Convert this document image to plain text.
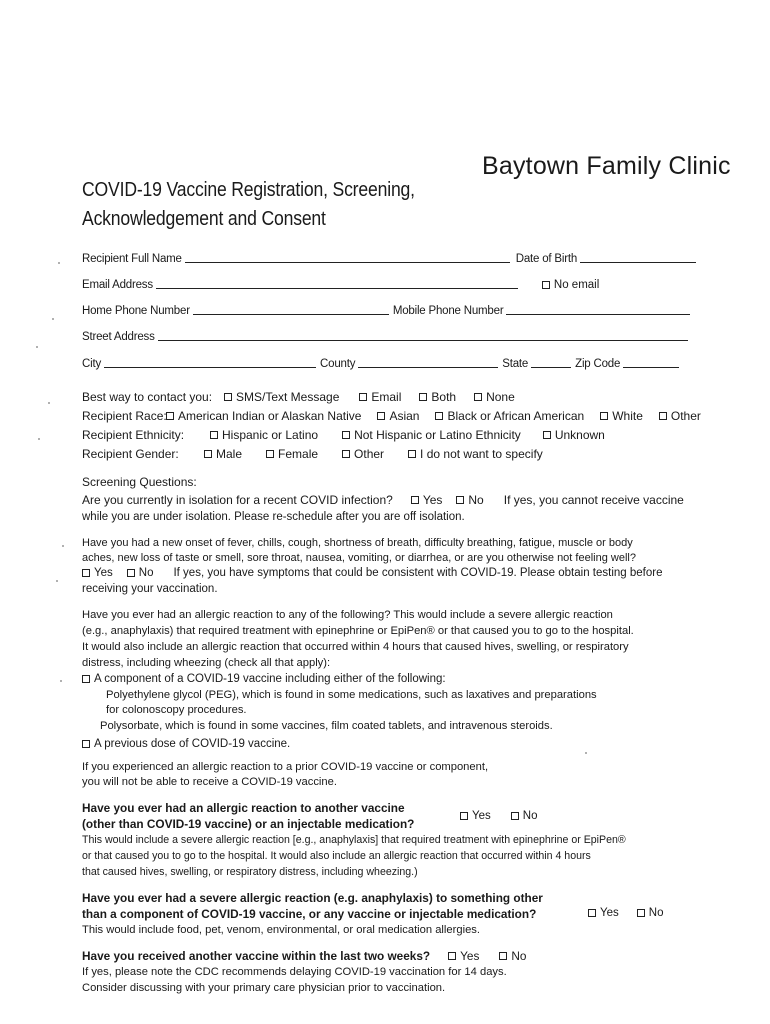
Baytown Family Clinic
COVID-19 Vaccine Registration, Screening,
Acknowledgement and Consent
Recipient Full Name	Date of Birth
Email Address	No email
Home Phone Number	Mobile Phone Number
Street Address
City	County	State	Zip Code
Best way to contact you:	SMS/Text Message	Email	Both	None
Recipient Race: American Indian or Alaskan Native Asian Black or African American White Other
Recipient Ethnicity:	Hispanic or Latino	Not Hispanic or Latino Ethnicity	Unknown
Recipient Gender:	Male	Female	Other	I do not want to specify
Screening Questions:
Are you currently in isolation for a recent COVID infection?	Yes No If yes, you cannot receive vaccine
while you are under isolation. Please re-schedule after you are off isolation.
Have you had a new onset of fever, chills, cough, shortness of breath, difficulty breathing, fatigue, muscle or body
aches, new loss of taste or smell, sore throat, nausea, vomiting, or diarrhea, or are you otherwise not feeling well?
Yes No If yes, you have symptoms that could be consistent with COVID-19. Please obtain testing before
receiving your vaccination.
Have you ever had an allergic reaction to any of the following? This would include a severe allergic reaction
(e.g., anaphylaxis) that required treatment with epinephrine or EpiPen® or that caused you to go to the hospital.
It would also include an allergic reaction that occurred within 4 hours that caused hives, swelling, or respiratory
distress, including wheezing (check all that apply):
A component of a COVID-19 vaccine including either of the following:
Polyethylene glycol (PEG), which is found in some medications, such as laxatives and preparations
for colonoscopy procedures.
Polysorbate, which is found in some vaccines, film coated tablets, and intravenous steroids.
A previous dose of COVID-19 vaccine.
If you experienced an allergic reaction to a prior COVID-19 vaccine or component,
you will not be able to receive a COVID-19 vaccine.
Have you ever had an allergic reaction to another vaccine
(other than COVID-19 vaccine) or an injectable medication?
Yes	No
This would include a severe allergic reaction [e.g., anaphylaxis] that required treatment with epinephrine or EpiPen®
or that caused you to go to the hospital. It would also include an allergic reaction that occurred within 4 hours
that caused hives, swelling, or respiratory distress, including wheezing.)
Have you ever had a severe allergic reaction (e.g. anaphylaxis) to something other
than a component of COVID-19 vaccine, or any vaccine or injectable medication?	Yes	No
This would include food, pet, venom, environmental, or oral medication allergies.
Have you received another vaccine within the last two weeks?	Yes	No
If yes, please note the CDC recommends delaying COVID-19 vaccination for 14 days.
Consider discussing with your primary care physician prior to vaccination.
